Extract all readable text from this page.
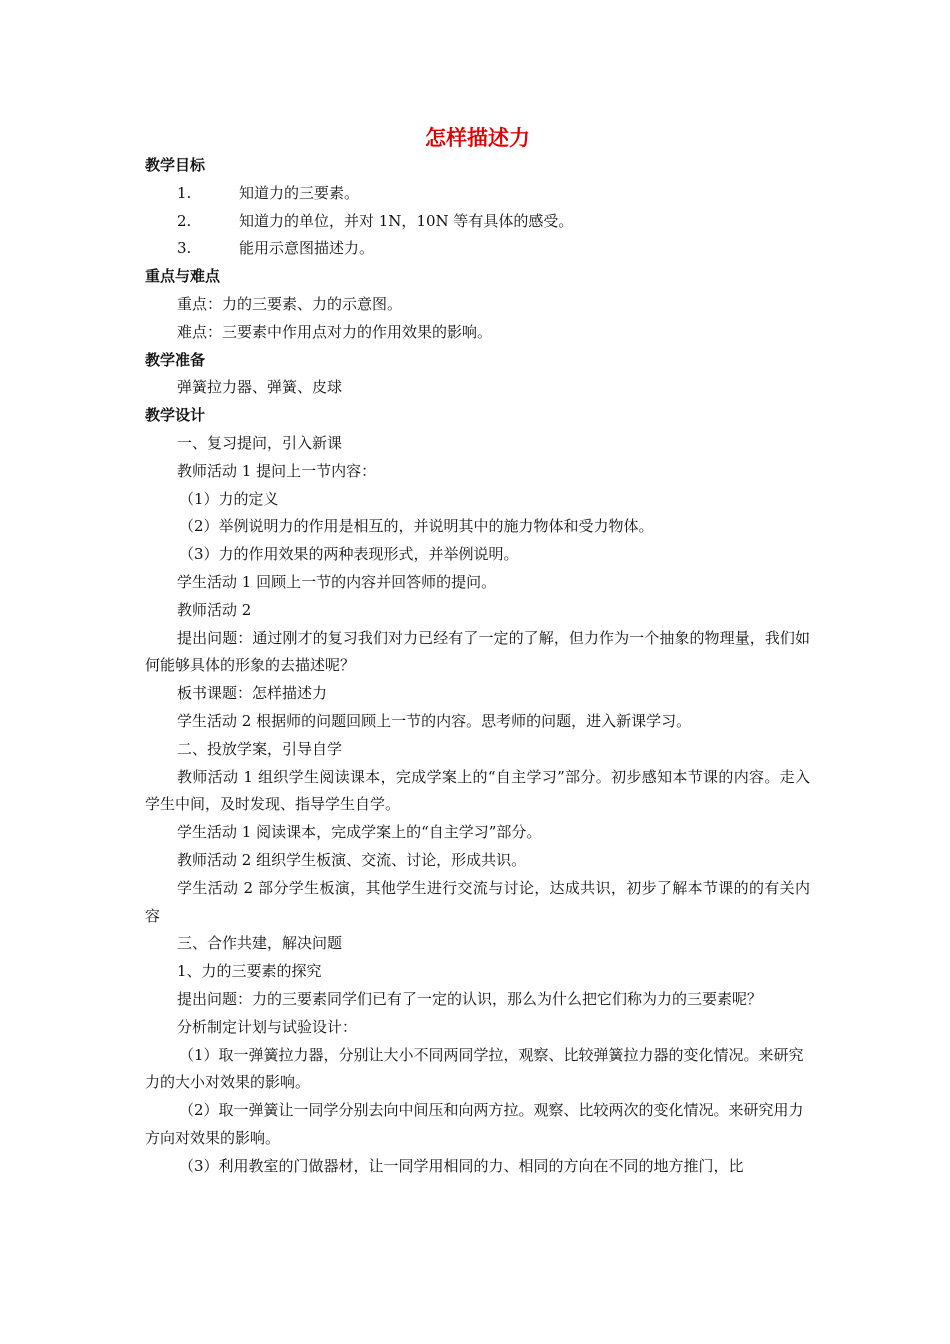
怎样描述力
教学目标
1.	知道力的三要素。
2.	知道力的单位，并对 1N，10N 等有具体的感受。
3.	能用示意图描述力。
重点与难点

重点：力的三要素、力的示意图。

难点：三要素中作用点对力的作用效果的影响。

教学准备

弹簧拉力器、弹簧、皮球

教学设计

一、复习提问，引入新课

教师活动 1 提问上一节内容：

（1）力的定义

（2）举例说明力的作用是相互的，并说明其中的施力物体和受力物体。

（3）力的作用效果的两种表现形式，并举例说明。

学生活动 1 回顾上一节的内容并回答师的提问。

教师活动 2

提出问题：通过刚才的复习我们对力已经有了一定的了解，但力作为一个抽象的物理量，我们如何能够具体的形象的去描述呢？

板书课题：怎样描述力

学生活动 2 根据师的问题回顾上一节的内容。思考师的问题，进入新课学习。

二、投放学案，引导自学

教师活动 1 组织学生阅读课本，完成学案上的“自主学习”部分。初步感知本节课的内容。走入学生中间，及时发现、指导学生自学。

学生活动 1 阅读课本，完成学案上的“自主学习”部分。

教师活动 2 组织学生板演、交流、讨论，形成共识。

学生活动 2 部分学生板演，其他学生进行交流与讨论，达成共识，初步了解本节课的的有关内容

三、合作共建，解决问题

1、力的三要素的探究

提出问题：力的三要素同学们已有了一定的认识，那么为什么把它们称为力的三要素呢？

分析制定计划与试验设计：

（1）取一弹簧拉力器，分别让大小不同两同学拉，观察、比较弹簧拉力器的变化情况。来研究力的大小对效果的影响。

（2）取一弹簧让一同学分别去向中间压和向两方拉。观察、比较两次的变化情况。来研究用力方向对效果的影响。

（3）利用教室的门做器材，让一同学用相同的力、相同的方向在不同的地方推门，比
